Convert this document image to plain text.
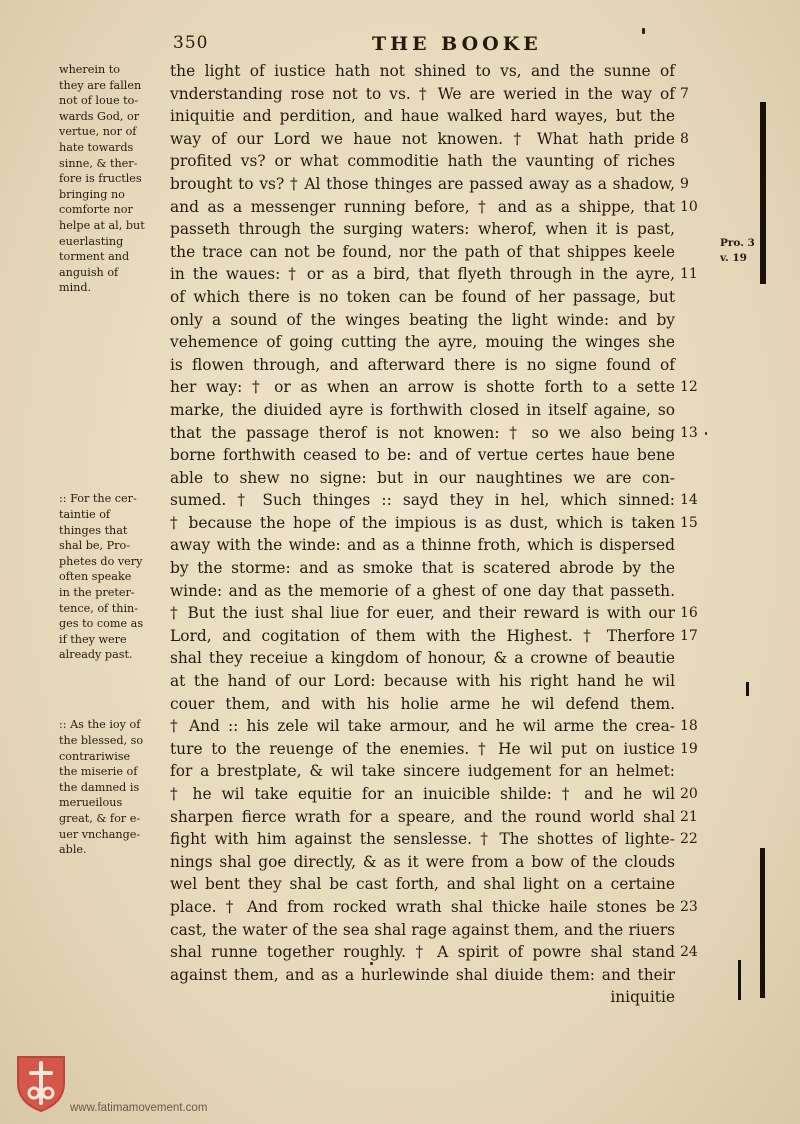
350	THE BOOKE
the light of iustice hath not shined to vs, and the sunne of
vnderstanding rose not to vs. † We are weried in the way of
iniquitie and perdition, and haue walked hard wayes, but the
way of our Lord we haue not knowen. † What hath pride
profited vs? or what commoditie hath the vaunting of riches
brought to vs? † Al those thinges are passed away as a shadow,
and as a messenger running before, † and as a shippe, that
passeth through the surging waters: wherof, when it is past,
the trace can not be found, nor the path of that shippes keele
in the waues: † or as a bird, that flyeth through in the ayre,
of which there is no token can be found of her passage, but
only a sound of the winges beating the light winde: and by
vehemence of going cutting the ayre, mouing the winges she
is flowen through, and afterward there is no signe found of
her way: † or as when an arrow is shotte forth to a sette
marke, the diuided ayre is forthwith closed in itself againe, so
that the passage therof is not knowen: † so we also being
borne forthwith ceased to be: and of vertue certes haue bene
able to shew no signe: but in our naughtines we are con-
sumed. † Such thinges :: sayd they in hel, which sinned:
† because the hope of the impious is as dust, which is taken
away with the winde: and as a thinne froth, which is dispersed
by the storme: and as smoke that is scatered abrode by the
winde: and as the memorie of a ghest of one day that passeth.
† But the iust shal liue for euer, and their reward is with our
Lord, and cogitation of them with the Highest. † Therfore
shal they receiue a kingdom of honour, & a crowne of beautie
at the hand of our Lord: because with his right hand he wil
couer them, and with his holie arme he wil defend them.
† And :: his zele wil take armour, and he wil arme the crea-
ture to the reuenge of the enemies. † He wil put on iustice
for a brestplate, & wil take sincere iudgement for an helmet:
† he wil take equitie for an inuicible shilde: † and he wil
sharpen fierce wrath for a speare, and the round world shal
fight with him against the senslesse. † The shottes of lighte-
nings shal goe directly, & as it were from a bow of the clouds
wel bent they shal be cast forth, and shal light on a certaine
place. † And from rocked wrath shal thicke haile stones be
cast, the water of the sea shal rage against them, and the riuers
shal runne together roughly. † A spirit of powre shal stand
against them, and as a hurlewinde shal diuide them: and their
iniquitie
7
8
9
10
11
12
13
14
15
16
17
18
19
20
21
22
23
24
wherein to
they are fallen
not of loue to-
wards God, or
vertue, nor of
hate towards
sinne, & ther-
fore is fructles
bringing no
comforte nor
helpe at al, but
euerlasting
torment and
anguish of
mind.
:: For the cer-
taintie of
thinges that
shal be, Pro-
phetes do very
often speake
in the preter-
tence, of thin-
ges to come as
if they were
already past.
:: As the ioy of
the blessed, so
contrariwise
the miserie of
the damned is
merueilous
great, & for e-
uer vnchange-
able.
Pro. 3
v. 19
www.fatimamovement.com
